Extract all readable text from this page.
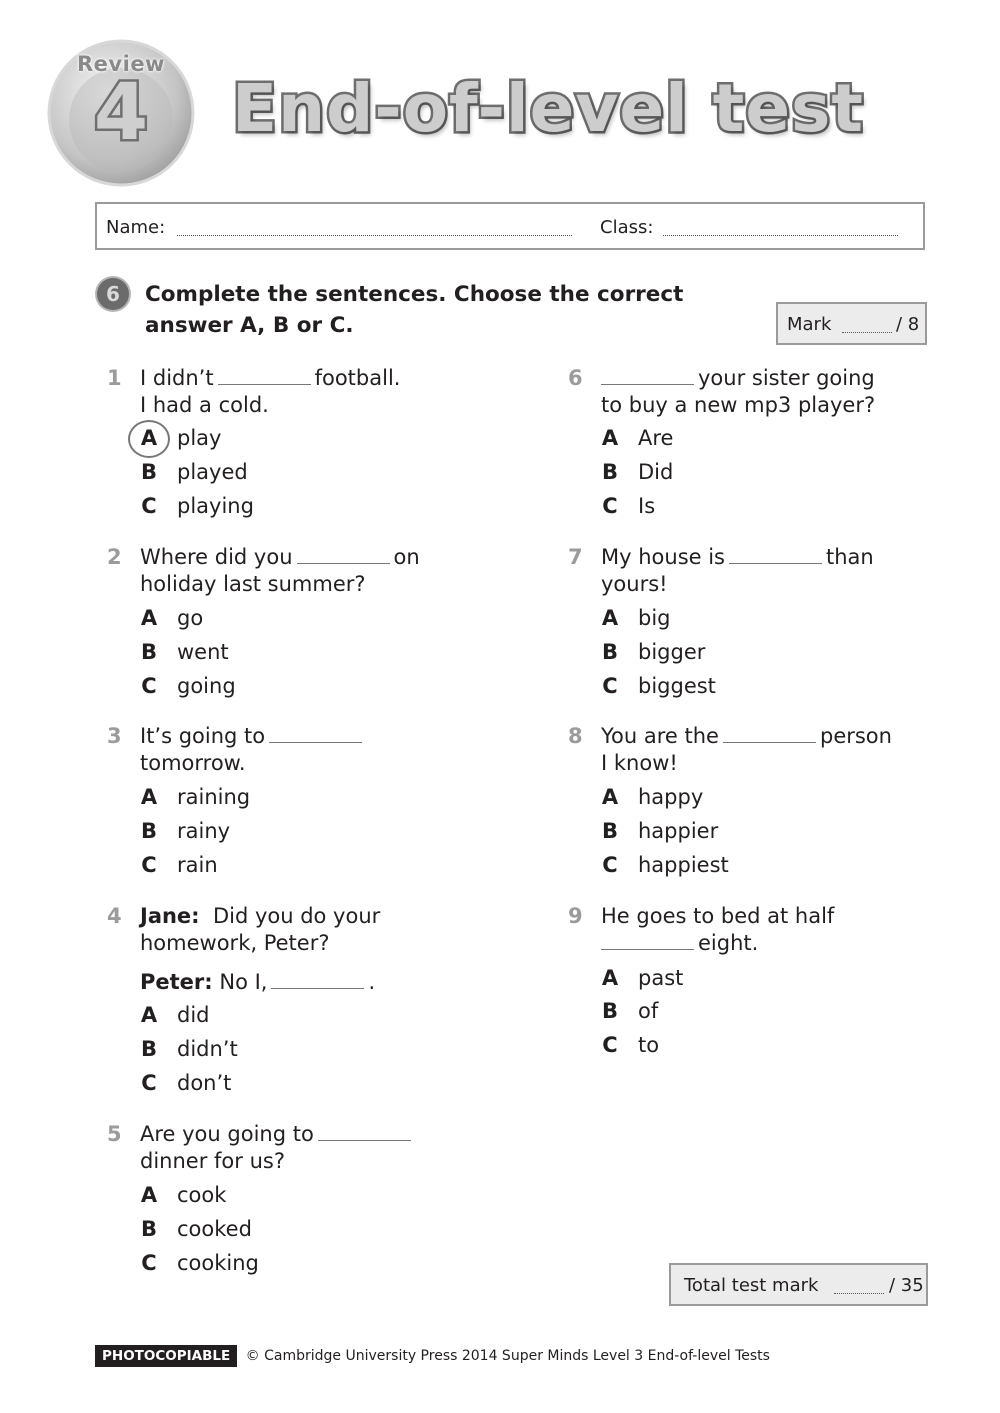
Review
4	End-of-level test
Name:	Class:
6	Complete the sentences. Choose the correct
answer A, B or C.	Mark	/ 8
1 I didn’t	football.
I had a cold.
A play
B played
C playing
2 Where did you	on
holiday last summer?
A go
B went
C going
3 It’s going to
tomorrow.
A raining
B rainy
C rain
4 Jane: Did you do your
homework, Peter?
Peter: No I,	.
A did
B didn’t
C don’t
5 Are you going to
dinner for us?
A cook
B cooked
C cooking
6	your sister going
to buy a new mp3 player?
A Are
B Did
C Is
7 My house is	than
yours!
A big
B bigger
C biggest
8 You are the	person
I know!
A happy
B happier
C happiest
9 He goes to bed at half
eight.
A past
B of
C to
Total test mark	/ 35
PHOTOCOPIABLE © Cambridge University Press 2014 Super Minds Level 3 End-of-level Tests
